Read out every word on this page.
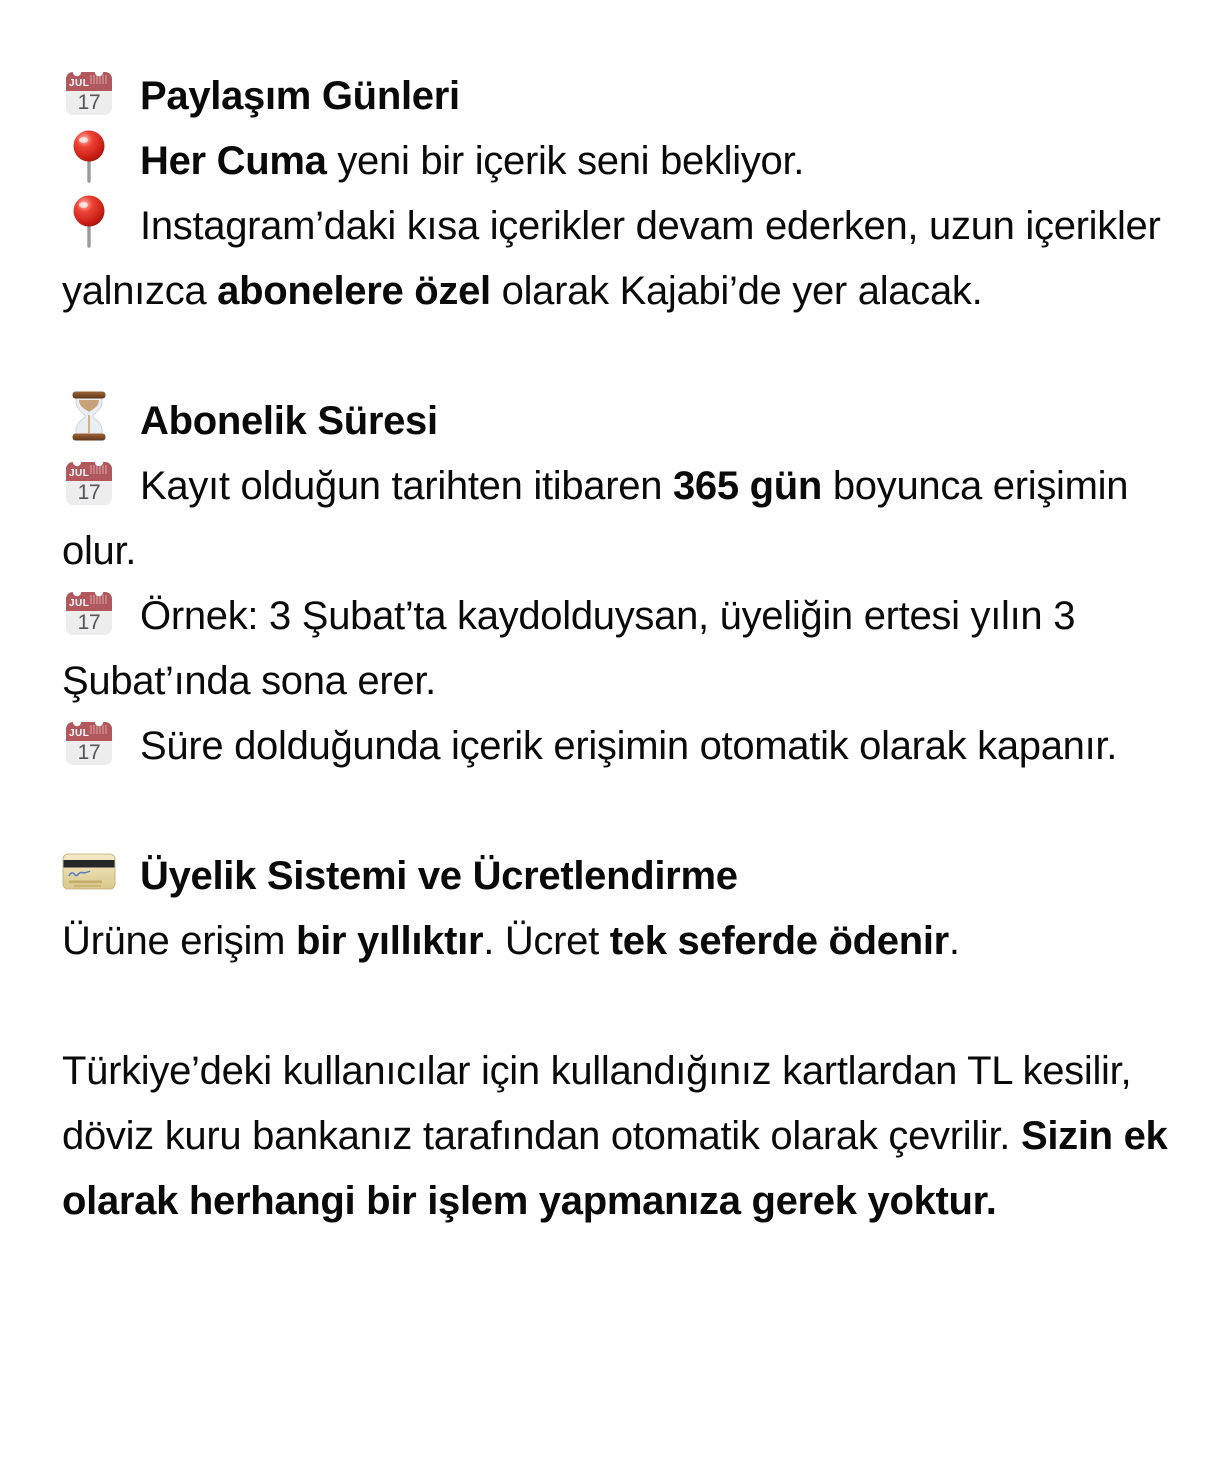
Paylaşım Günleri

Her Cuma yeni bir içerik seni bekliyor.

Instagram’daki kısa içerikler devam ederken, uzun içerikler yalnızca abonelere özel olarak Kajabi’de yer alacak.

Abonelik Süresi

Kayıt olduğun tarihten itibaren 365 gün boyunca erişimin olur.

Örnek: 3 Şubat’ta kaydolduysan, üyeliğin ertesi yılın 3 Şubat’ında sona erer.

Süre dolduğunda içerik erişimin otomatik olarak kapanır.

Üyelik Sistemi ve Ücretlendirme

Ürüne erişim bir yıllıktır. Ücret tek seferde ödenir.

Türkiye’deki kullanıcılar için kullandığınız kartlardan TL kesilir, döviz kuru bankanız tarafından otomatik olarak çevrilir. Sizin ek olarak herhangi bir işlem yapmanıza gerek yoktur.
